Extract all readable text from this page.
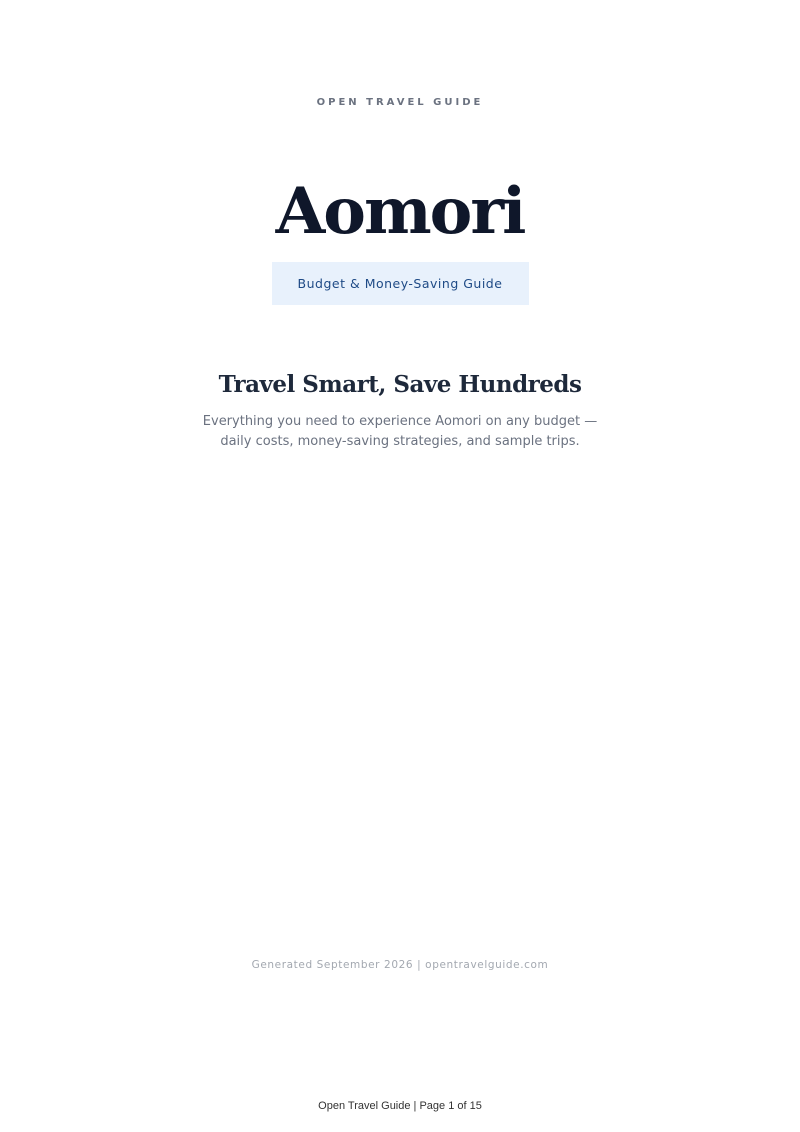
OPEN TRAVEL GUIDE
Aomori
Budget & Money-Saving Guide
Travel Smart, Save Hundreds
Everything you need to experience Aomori on any budget — daily costs, money-saving strategies, and sample trips.
Generated September 2026 | opentravelguide.com
Open Travel Guide | Page 1 of 15
